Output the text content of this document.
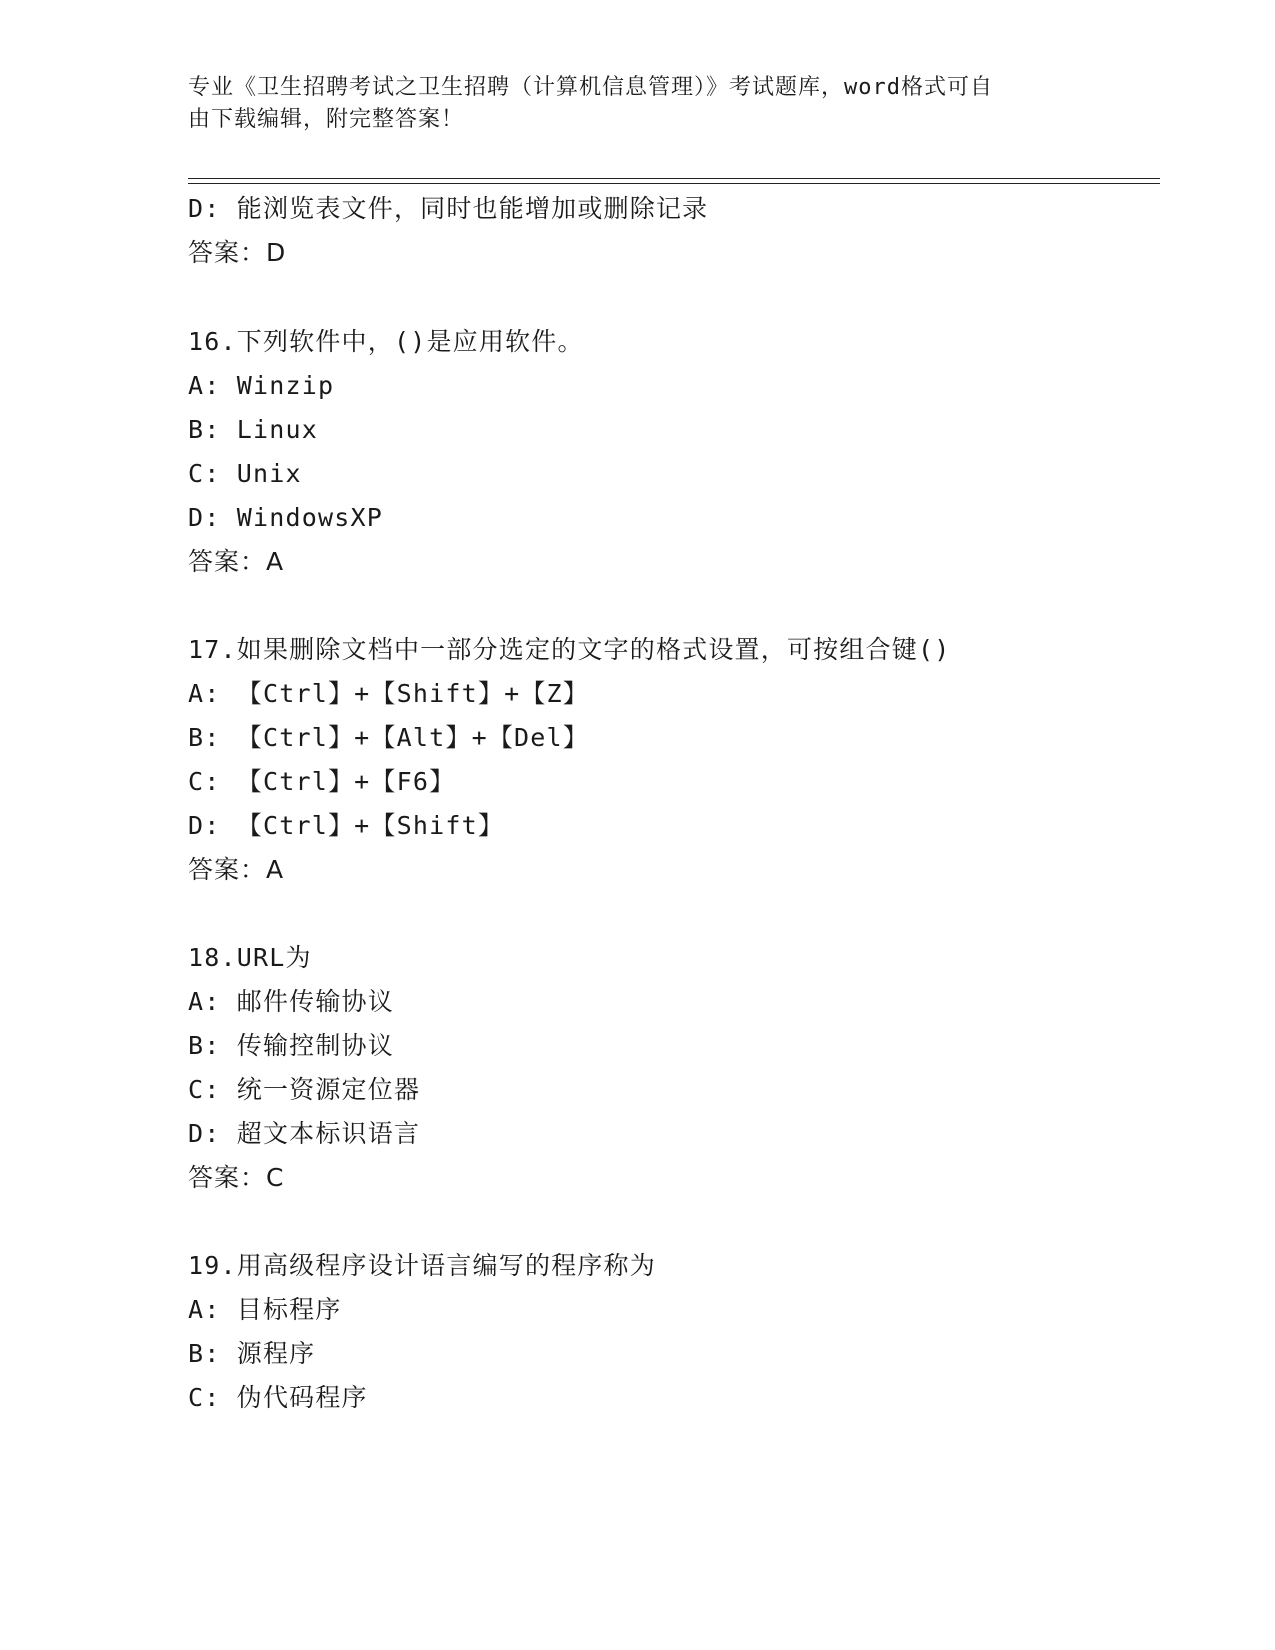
专业《卫生招聘考试之卫生招聘（计算机信息管理）》考试题库，word格式可自
由下载编辑，附完整答案！
D: 能浏览表文件，同时也能增加或删除记录
答案：D
16.下列软件中，()是应用软件。
A: Winzip
B: Linux
C: Unix
D: WindowsXP
答案：A
17.如果删除文档中一部分选定的文字的格式设置，可按组合键()
A: 【Ctrl】+【Shift】+【Z】
B: 【Ctrl】+【Alt】+【Del】
C: 【Ctrl】+【F6】
D: 【Ctrl】+【Shift】
答案：A
18.URL为
A: 邮件传输协议
B: 传输控制协议
C: 统一资源定位器
D: 超文本标识语言
答案：C
19.用高级程序设计语言编写的程序称为
A: 目标程序
B: 源程序
C: 伪代码程序
